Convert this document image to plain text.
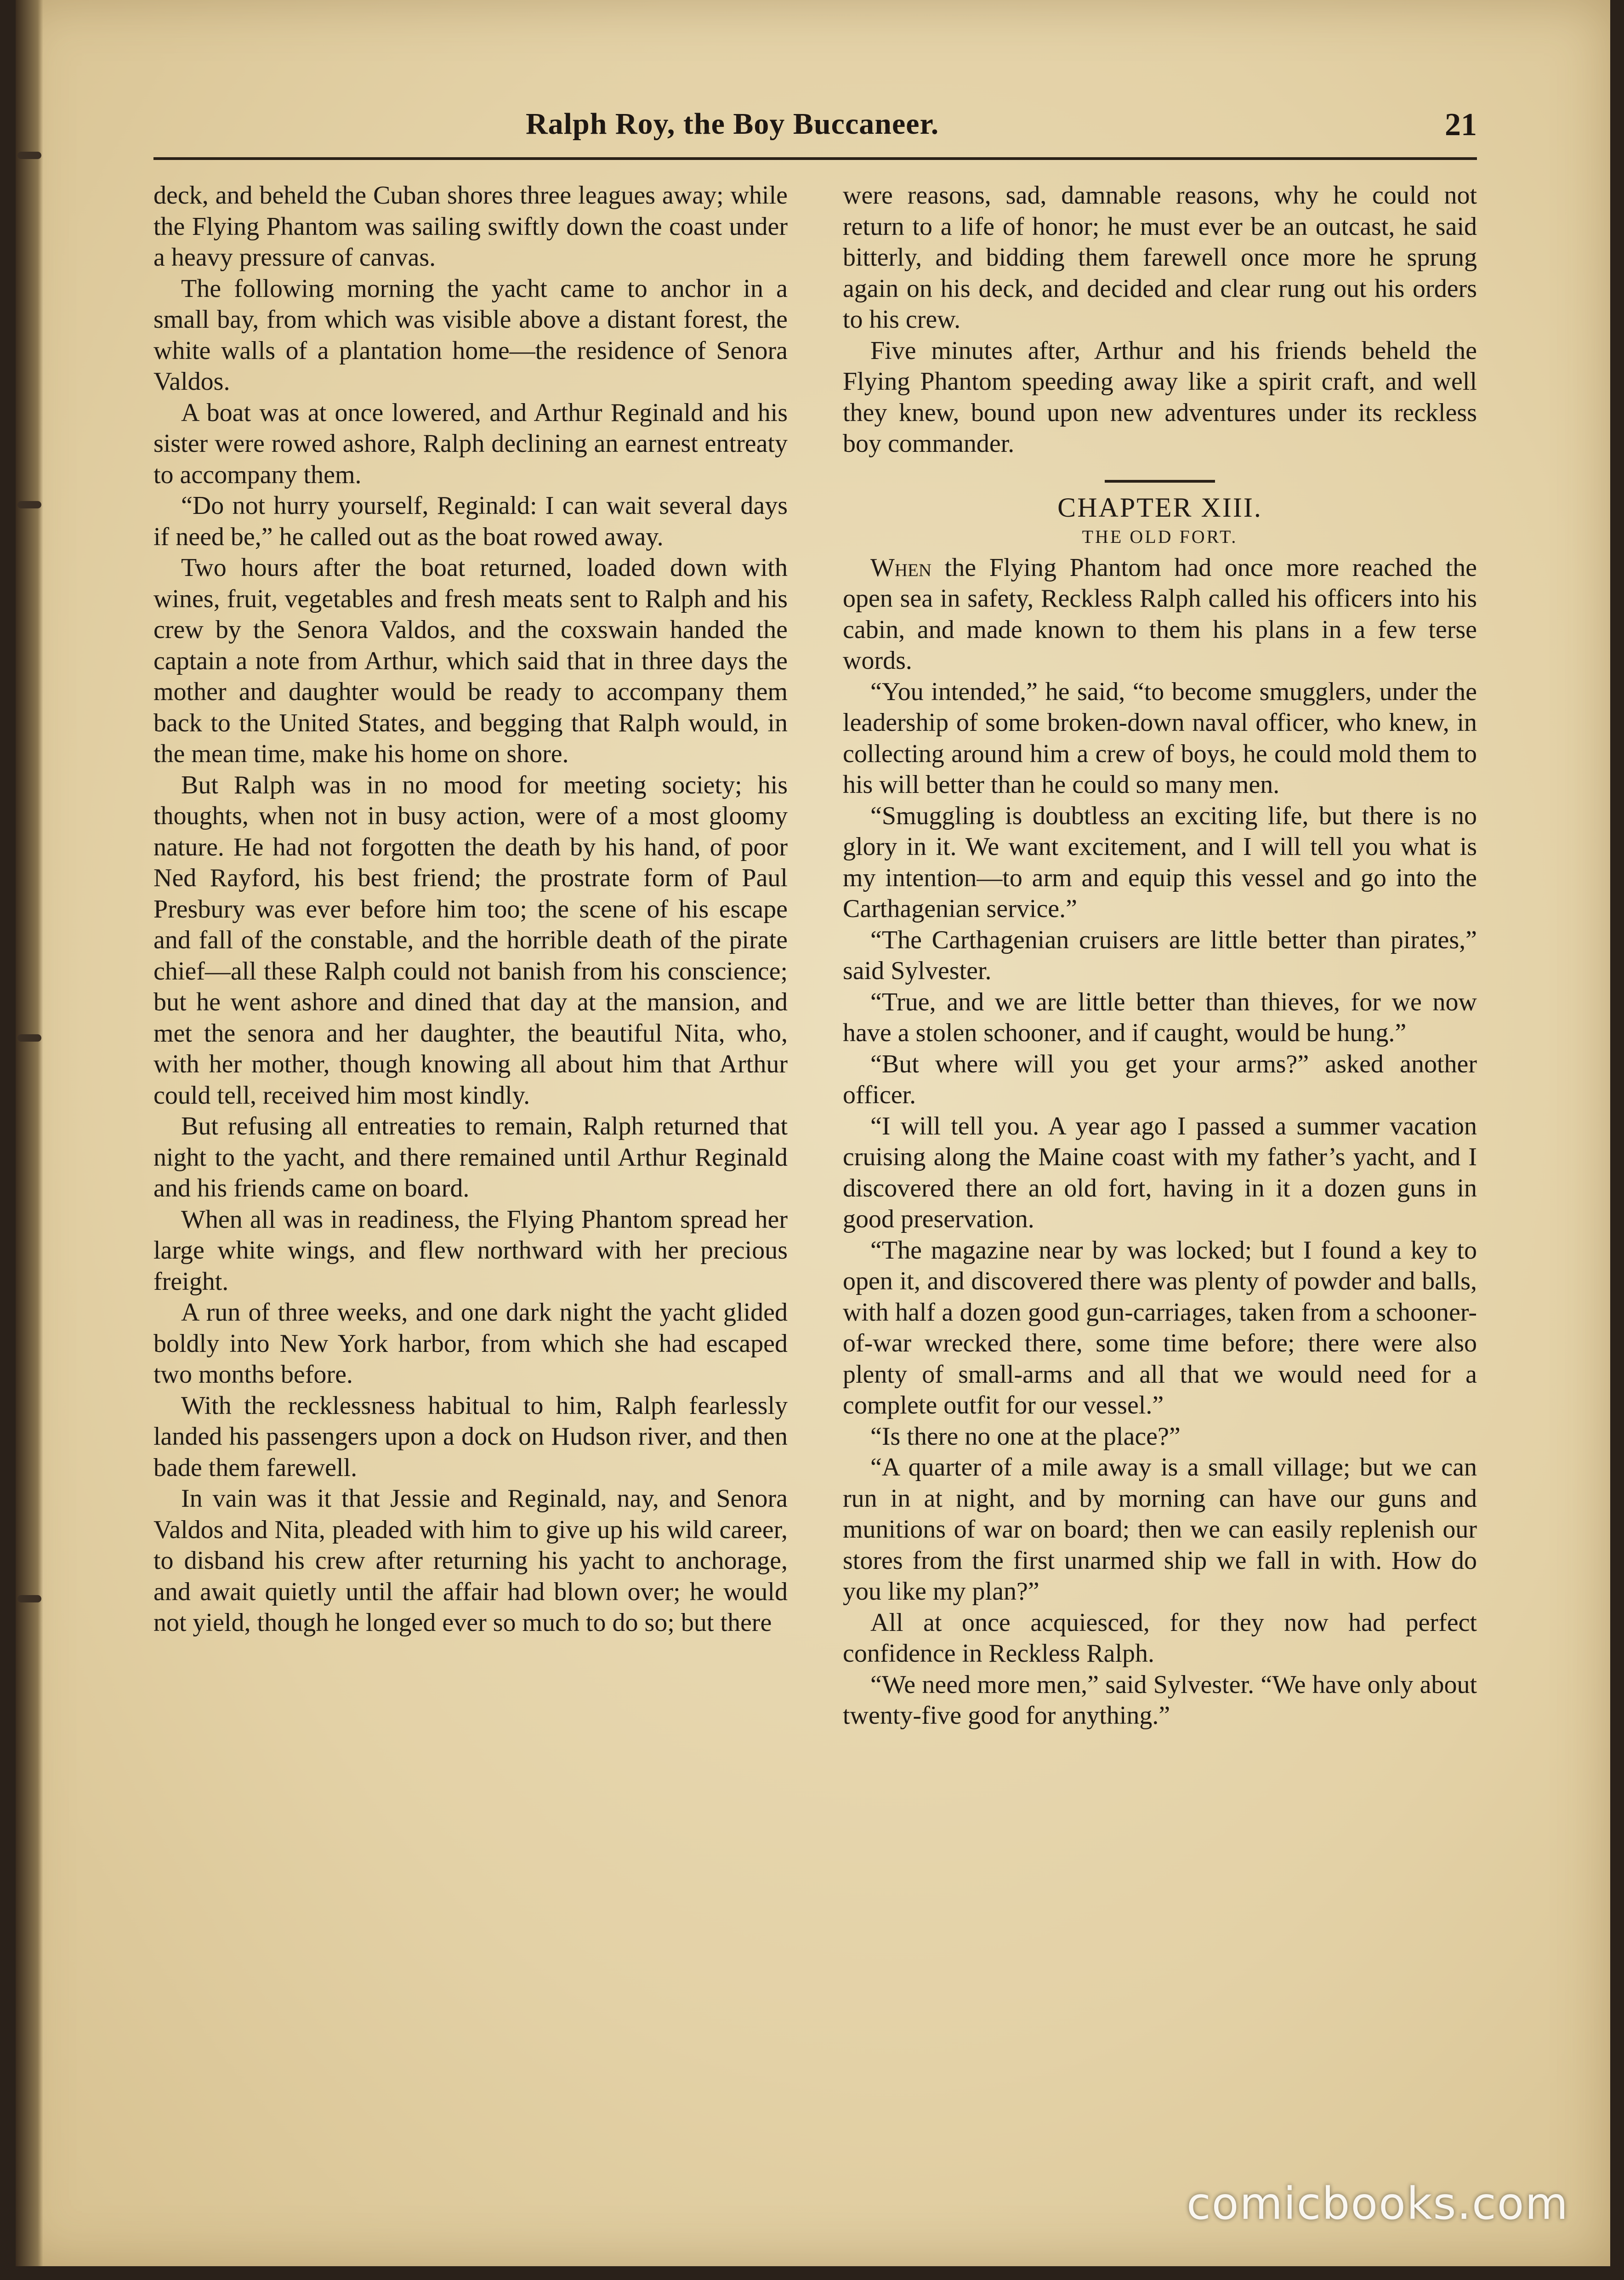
Ralph Roy, the Boy Buccaneer.	21

deck, and beheld the Cuban shores three leagues away; while the Flying Phantom was sailing swiftly down the coast under a heavy pressure of canvas.

The following morning the yacht came to anchor in a small bay, from which was visible above a distant forest, the white walls of a plantation home—the residence of Senora Valdos.

A boat was at once lowered, and Arthur Reginald and his sister were rowed ashore, Ralph declining an earnest entreaty to accompany them.

“Do not hurry yourself, Reginald: I can wait several days if need be,” he called out as the boat rowed away.

Two hours after the boat returned, loaded down with wines, fruit, vegetables and fresh meats sent to Ralph and his crew by the Senora Valdos, and the coxswain handed the captain a note from Arthur, which said that in three days the mother and daughter would be ready to accompany them back to the United States, and begging that Ralph would, in the mean time, make his home on shore.

But Ralph was in no mood for meeting society; his thoughts, when not in busy action, were of a most gloomy nature. He had not forgotten the death by his hand, of poor Ned Rayford, his best friend; the prostrate form of Paul Presbury was ever before him too; the scene of his escape and fall of the constable, and the horrible death of the pirate chief—all these Ralph could not banish from his conscience; but he went ashore and dined that day at the mansion, and met the senora and her daughter, the beautiful Nita, who, with her mother, though knowing all about him that Arthur could tell, received him most kindly.

But refusing all entreaties to remain, Ralph returned that night to the yacht, and there remained until Arthur Reginald and his friends came on board.

When all was in readiness, the Flying Phantom spread her large white wings, and flew northward with her precious freight.

A run of three weeks, and one dark night the yacht glided boldly into New York harbor, from which she had escaped two months before.

With the recklessness habitual to him, Ralph fearlessly landed his passengers upon a dock on Hudson river, and then bade them farewell.

In vain was it that Jessie and Reginald, nay, and Senora Valdos and Nita, pleaded with him to give up his wild career, to disband his crew after returning his yacht to anchorage, and await quietly until the affair had blown over; he would not yield, though he longed ever so much to do so; but there

were reasons, sad, damnable reasons, why he could not return to a life of honor; he must ever be an outcast, he said bitterly, and bidding them farewell once more he sprung again on his deck, and decided and clear rung out his orders to his crew.

Five minutes after, Arthur and his friends beheld the Flying Phantom speeding away like a spirit craft, and well they knew, bound upon new adventures under its reckless boy commander.

CHAPTER XIII.

THE OLD FORT.

When the Flying Phantom had once more reached the open sea in safety, Reckless Ralph called his officers into his cabin, and made known to them his plans in a few terse words.

“You intended,” he said, “to become smugglers, under the leadership of some broken-down naval officer, who knew, in collecting around him a crew of boys, he could mold them to his will better than he could so many men.

“Smuggling is doubtless an exciting life, but there is no glory in it. We want excitement, and I will tell you what is my intention—to arm and equip this vessel and go into the Carthagenian service.”

“The Carthagenian cruisers are little better than pirates,” said Sylvester.

“True, and we are little better than thieves, for we now have a stolen schooner, and if caught, would be hung.”

“But where will you get your arms?” asked another officer.

“I will tell you. A year ago I passed a summer vacation cruising along the Maine coast with my father’s yacht, and I discovered there an old fort, having in it a dozen guns in good preservation.

“The magazine near by was locked; but I found a key to open it, and discovered there was plenty of powder and balls, with half a dozen good gun-carriages, taken from a schooner-of-war wrecked there, some time before; there were also plenty of small-arms and all that we would need for a complete outfit for our vessel.”

“Is there no one at the place?”

“A quarter of a mile away is a small village; but we can run in at night, and by morning can have our guns and munitions of war on board; then we can easily replenish our stores from the first unarmed ship we fall in with. How do you like my plan?”

All at once acquiesced, for they now had perfect confidence in Reckless Ralph.

“We need more men,” said Sylvester. “We have only about twenty-five good for anything.”

comicbooks.com
